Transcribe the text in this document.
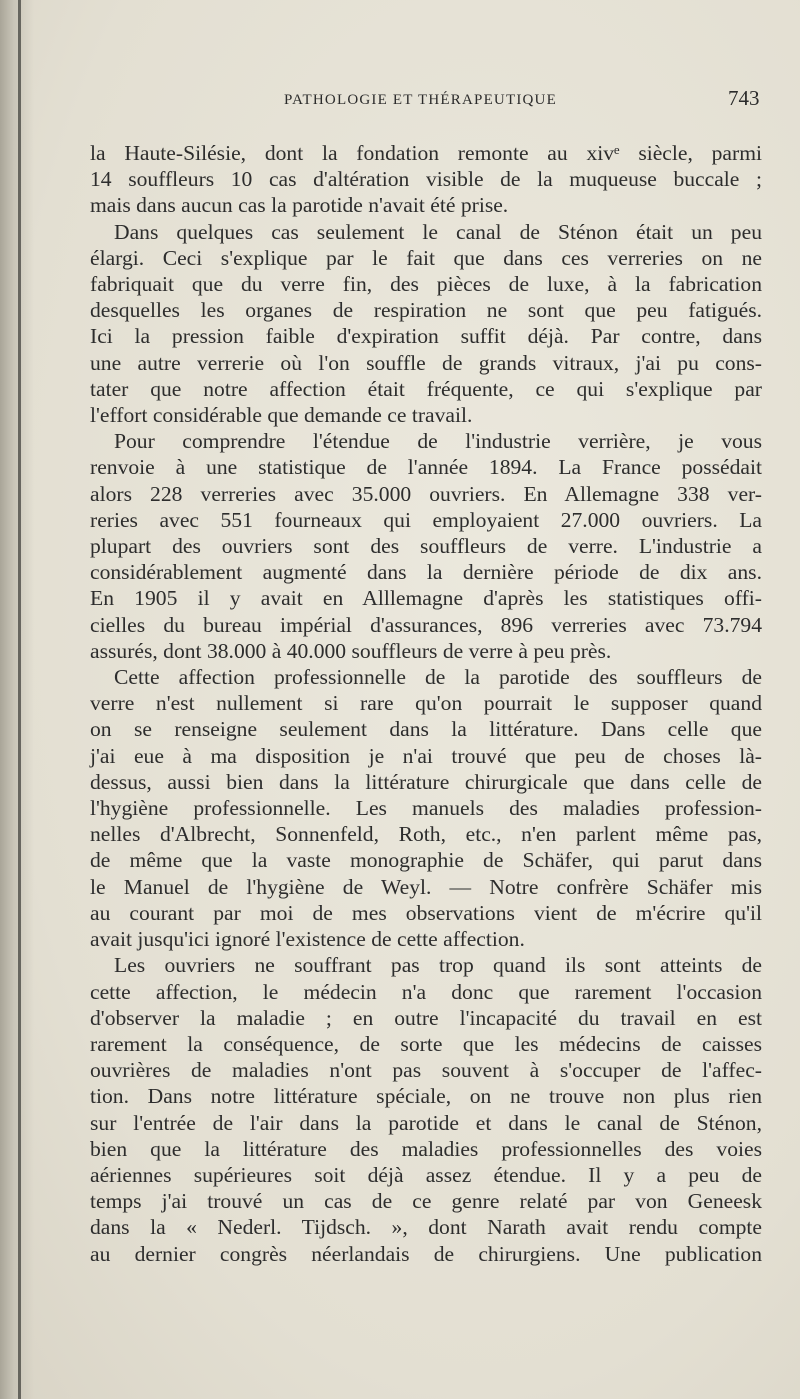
PATHOLOGIE ET THÉRAPEUTIQUE	743
la Haute-Silésie, dont la fondation remonte au xivᵉ siècle, parmi
14 souffleurs 10 cas d'altération visible de la muqueuse buccale ;
mais dans aucun cas la parotide n'avait été prise.
Dans quelques cas seulement le canal de Sténon était un peu
élargi. Ceci s'explique par le fait que dans ces verreries on ne
fabriquait que du verre fin, des pièces de luxe, à la fabrication
desquelles les organes de respiration ne sont que peu fatigués.
Ici la pression faible d'expiration suffit déjà. Par contre, dans
une autre verrerie où l'on souffle de grands vitraux, j'ai pu cons-
tater que notre affection était fréquente, ce qui s'explique par
l'effort considérable que demande ce travail.
Pour comprendre l'étendue de l'industrie verrière, je vous
renvoie à une statistique de l'année 1894. La France possédait
alors 228 verreries avec 35.000 ouvriers. En Allemagne 338 ver-
reries avec 551 fourneaux qui employaient 27.000 ouvriers. La
plupart des ouvriers sont des souffleurs de verre. L'industrie a
considérablement augmenté dans la dernière période de dix ans.
En 1905 il y avait en Alllemagne d'après les statistiques offi-
cielles du bureau impérial d'assurances, 896 verreries avec 73.794
assurés, dont 38.000 à 40.000 souffleurs de verre à peu près.
Cette affection professionnelle de la parotide des souffleurs de
verre n'est nullement si rare qu'on pourrait le supposer quand
on se renseigne seulement dans la littérature. Dans celle que
j'ai eue à ma disposition je n'ai trouvé que peu de choses là-
dessus, aussi bien dans la littérature chirurgicale que dans celle de
l'hygiène professionnelle. Les manuels des maladies profession-
nelles d'Albrecht, Sonnenfeld, Roth, etc., n'en parlent même pas,
de même que la vaste monographie de Schäfer, qui parut dans
le Manuel de l'hygiène de Weyl. — Notre confrère Schäfer mis
au courant par moi de mes observations vient de m'écrire qu'il
avait jusqu'ici ignoré l'existence de cette affection.
Les ouvriers ne souffrant pas trop quand ils sont atteints de
cette affection, le médecin n'a donc que rarement l'occasion
d'observer la maladie ; en outre l'incapacité du travail en est
rarement la conséquence, de sorte que les médecins de caisses
ouvrières de maladies n'ont pas souvent à s'occuper de l'affec-
tion. Dans notre littérature spéciale, on ne trouve non plus rien
sur l'entrée de l'air dans la parotide et dans le canal de Sténon,
bien que la littérature des maladies professionnelles des voies
aériennes supérieures soit déjà assez étendue. Il y a peu de
temps j'ai trouvé un cas de ce genre relaté par von Geneesk
dans la « Nederl. Tijdsch. », dont Narath avait rendu compte
au dernier congrès néerlandais de chirurgiens. Une publication
